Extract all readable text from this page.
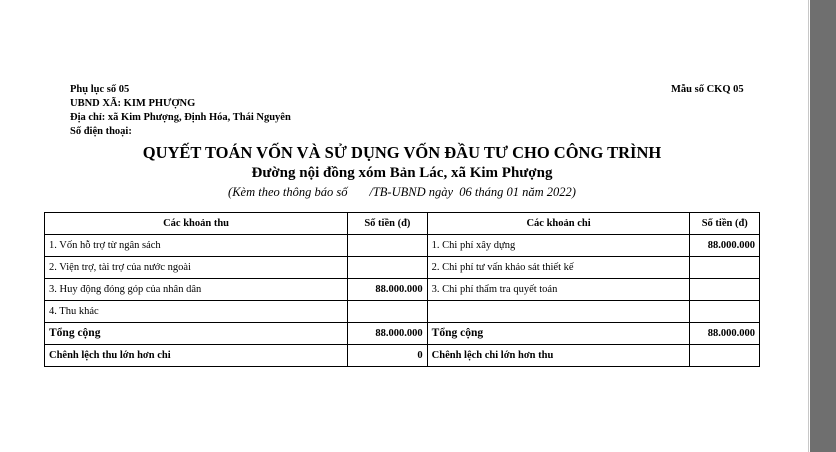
Phụ lục số 05
UBND XÃ: KIM PHƯỢNG
Địa chỉ: xã Kim Phượng, Định Hóa, Thái Nguyên
Số điện thoại:
Mẫu số CKQ 05
QUYẾT TOÁN VỐN VÀ SỬ DỤNG VỐN ĐẦU TƯ CHO CÔNG TRÌNH
Đường nội đồng xóm Bản Lác, xã Kim Phượng
(Kèm theo thông báo số       /TB-UBND ngày  06 tháng 01 năm 2022)
Các khoản thu	Số tiền (đ)	Các khoản chi	Số tiền (đ)
1. Vốn hỗ trợ từ ngân sách		1. Chi phí xây dựng	88.000.000
2. Viện trợ, tài trợ của nước ngoài		2. Chi phí tư vấn khảo sát thiết kế	
3. Huy động đóng góp của nhân dân	88.000.000	3. Chi phí thẩm tra quyết toán	
4. Thu khác			
Tổng cộng	88.000.000	Tổng cộng	88.000.000
Chênh lệch thu lớn hơn chi	0	Chênh lệch chi lớn hơn thu	
